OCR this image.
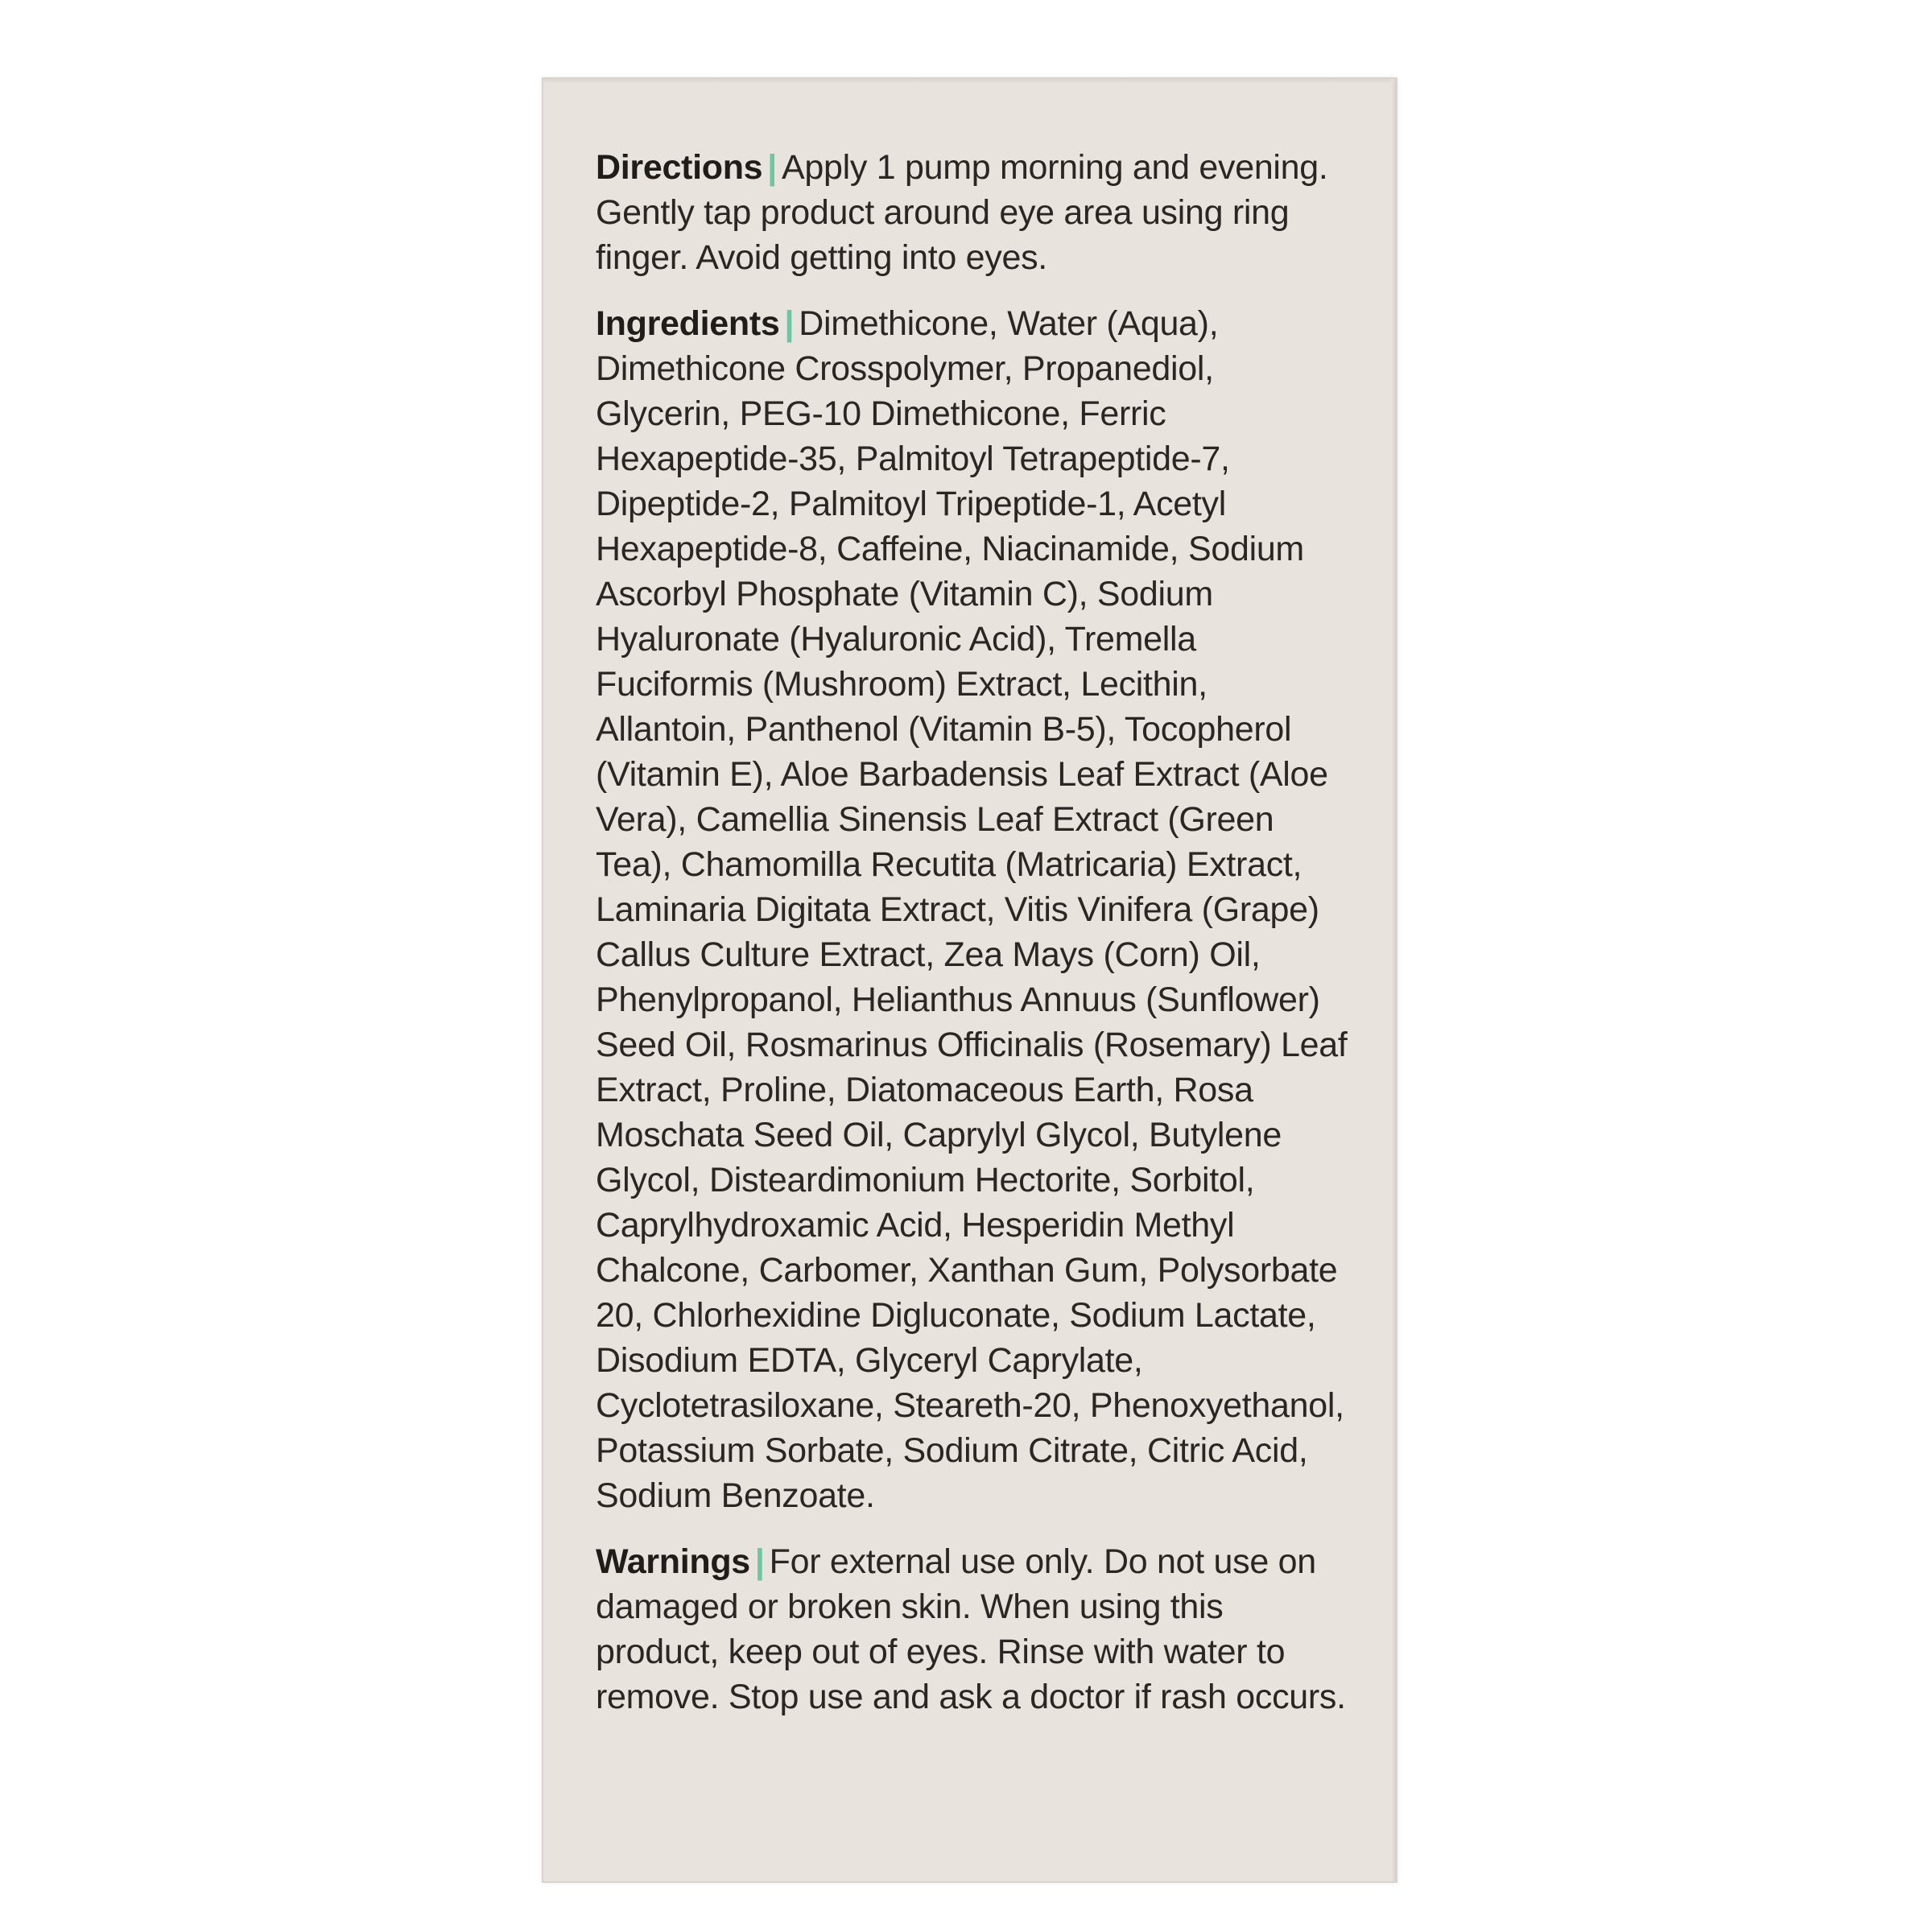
Directions | Apply 1 pump morning and evening. Gently tap product around eye area using ring finger. Avoid getting into eyes.

Ingredients | Dimethicone, Water (Aqua), Dimethicone Crosspolymer, Propanediol, Glycerin, PEG-10 Dimethicone, Ferric Hexapeptide-35, Palmitoyl Tetrapeptide-7, Dipeptide-2, Palmitoyl Tripeptide-1, Acetyl Hexapeptide-8, Caffeine, Niacinamide, Sodium Ascorbyl Phosphate (Vitamin C), Sodium Hyaluronate (Hyaluronic Acid), Tremella Fuciformis (Mushroom) Extract, Lecithin, Allantoin, Panthenol (Vitamin B-5), Tocopherol (Vitamin E), Aloe Barbadensis Leaf Extract (Aloe Vera), Camellia Sinensis Leaf Extract (Green Tea), Chamomilla Recutita (Matricaria) Extract, Laminaria Digitata Extract, Vitis Vinifera (Grape) Callus Culture Extract, Zea Mays (Corn) Oil, Phenylpropanol, Helianthus Annuus (Sunflower) Seed Oil, Rosmarinus Officinalis (Rosemary) Leaf Extract, Proline, Diatomaceous Earth, Rosa Moschata Seed Oil, Caprylyl Glycol, Butylene Glycol, Disteardimonium Hectorite, Sorbitol, Caprylhydroxamic Acid, Hesperidin Methyl Chalcone, Carbomer, Xanthan Gum, Polysorbate 20, Chlorhexidine Digluconate, Sodium Lactate, Disodium EDTA, Glyceryl Caprylate, Cyclotetrasiloxane, Steareth-20, Phenoxyethanol, Potassium Sorbate, Sodium Citrate, Citric Acid, Sodium Benzoate.

Warnings | For external use only. Do not use on damaged or broken skin. When using this product, keep out of eyes. Rinse with water to remove. Stop use and ask a doctor if rash occurs.
